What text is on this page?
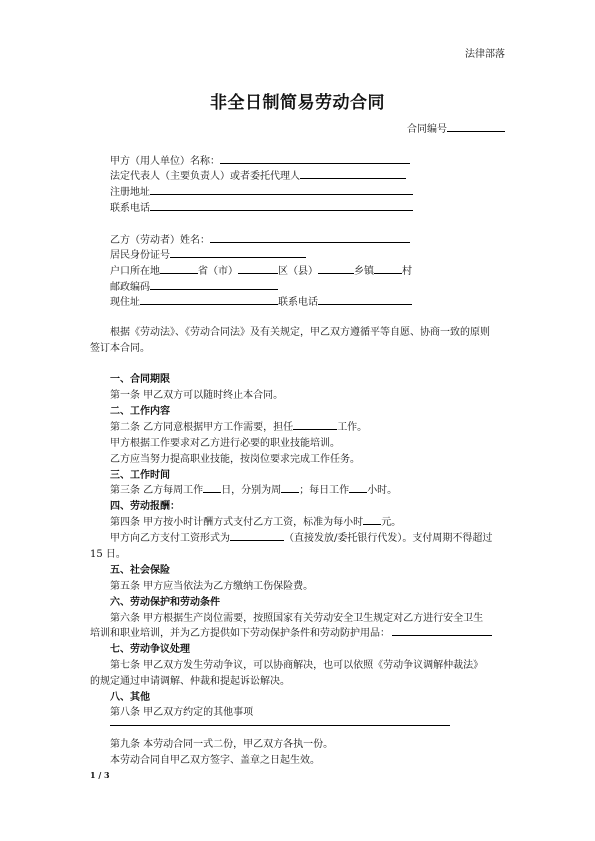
法律部落
非全日制简易劳动合同
合同编号
甲方（用人单位）名称：
法定代表人（主要负责人）或者委托代理人
注册地址
联系电话
乙方（劳动者）姓名：
居民身份证号
户口所在地	省（市）	区（县）	乡镇	村
邮政编码
现住址	联系电话
根据《劳动法》、《劳动合同法》及有关规定，甲乙双方遵循平等自愿、协商一致的原则
签订本合同。
一、合同期限
第一条 甲乙双方可以随时终止本合同。
二、工作内容
第二条 乙方同意根据甲方工作需要，担任	工作。
甲方根据工作要求对乙方进行必要的职业技能培训。
乙方应当努力提高职业技能，按岗位要求完成工作任务。
三、工作时间
第三条 乙方每周工作 日，分别为周 ；每日工作 小时。
四、劳动报酬：
第四条 甲方按小时计酬方式支付乙方工资，标准为每小时 元。
甲方向乙方支付工资形式为	（直接发放/委托银行代发）。支付周期不得超过
15 日。
五、社会保险
第五条 甲方应当依法为乙方缴纳工伤保险费。
六、劳动保护和劳动条件
第六条 甲方根据生产岗位需要，按照国家有关劳动安全卫生规定对乙方进行安全卫生
培训和职业培训，并为乙方提供如下劳动保护条件和劳动防护用品：
七、劳动争议处理
第七条 甲乙双方发生劳动争议，可以协商解决，也可以依照《劳动争议调解仲裁法》
的规定通过申请调解、仲裁和提起诉讼解决。
八、其他
第八条 甲乙双方约定的其他事项
第九条 本劳动合同一式二份，甲乙双方各执一份。
本劳动合同自甲乙双方签字、盖章之日起生效。
1 / 3
